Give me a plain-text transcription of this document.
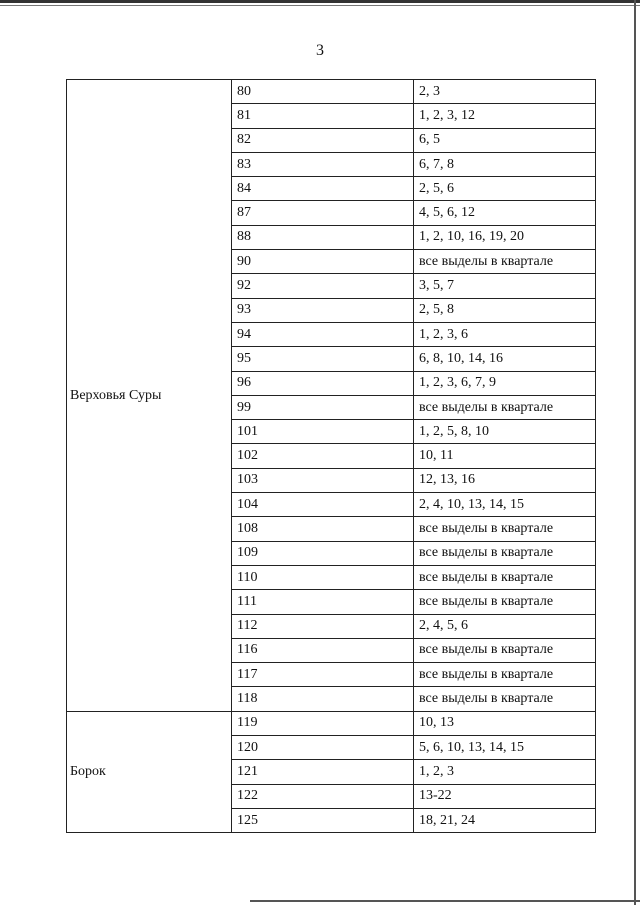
3
Верховья Суры	80	2, 3
	81	1, 2, 3, 12
	82	6, 5
	83	6, 7, 8
	84	2, 5, 6
	87	4, 5, 6, 12
	88	1, 2, 10, 16, 19, 20
	90	все выделы в квартале
	92	3, 5, 7
	93	2, 5, 8
	94	1, 2, 3, 6
	95	6, 8, 10, 14, 16
	96	1, 2, 3, 6, 7, 9
	99	все выделы в квартале
	101	1, 2, 5, 8, 10
	102	10, 11
	103	12, 13, 16
	104	2, 4, 10, 13, 14, 15
	108	все выделы в квартале
	109	все выделы в квартале
	110	все выделы в квартале
	111	все выделы в квартале
	112	2, 4, 5, 6
	116	все выделы в квартале
	117	все выделы в квартале
	118	все выделы в квартале
Борок	119	10, 13
	120	5, 6, 10, 13, 14, 15
	121	1, 2, 3
	122	13-22
	125	18, 21, 24
